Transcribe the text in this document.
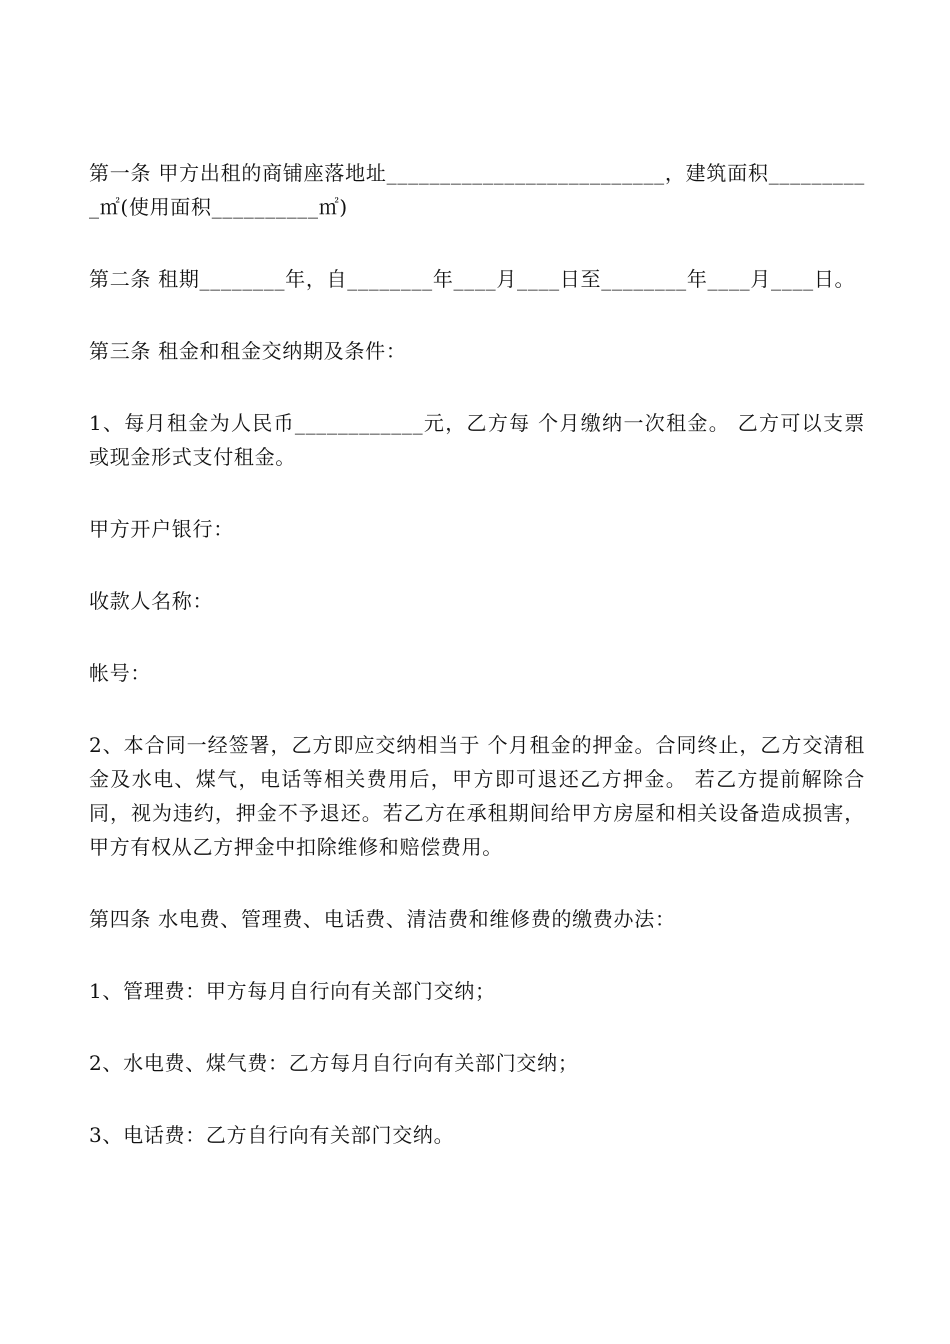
第一条 甲方出租的商铺座落地址__________________________，建筑面积__________㎡(使用面积__________㎡)

第二条 租期________年，自________年____月____日至________年____月____日。

第三条 租金和租金交纳期及条件：

1、每月租金为人民币____________元，乙方每 个月缴纳一次租金。 乙方可以支票或现金形式支付租金。

甲方开户银行：

收款人名称：

帐号：

2、本合同一经签署，乙方即应交纳相当于 个月租金的押金。合同终止，乙方交清租金及水电、煤气，电话等相关费用后，甲方即可退还乙方押金。 若乙方提前解除合同，视为违约，押金不予退还。若乙方在承租期间给甲方房屋和相关设备造成损害，甲方有权从乙方押金中扣除维修和赔偿费用。

第四条 水电费、管理费、电话费、清洁费和维修费的缴费办法：

1、管理费：甲方每月自行向有关部门交纳；

2、水电费、煤气费：乙方每月自行向有关部门交纳；

3、电话费：乙方自行向有关部门交纳。
